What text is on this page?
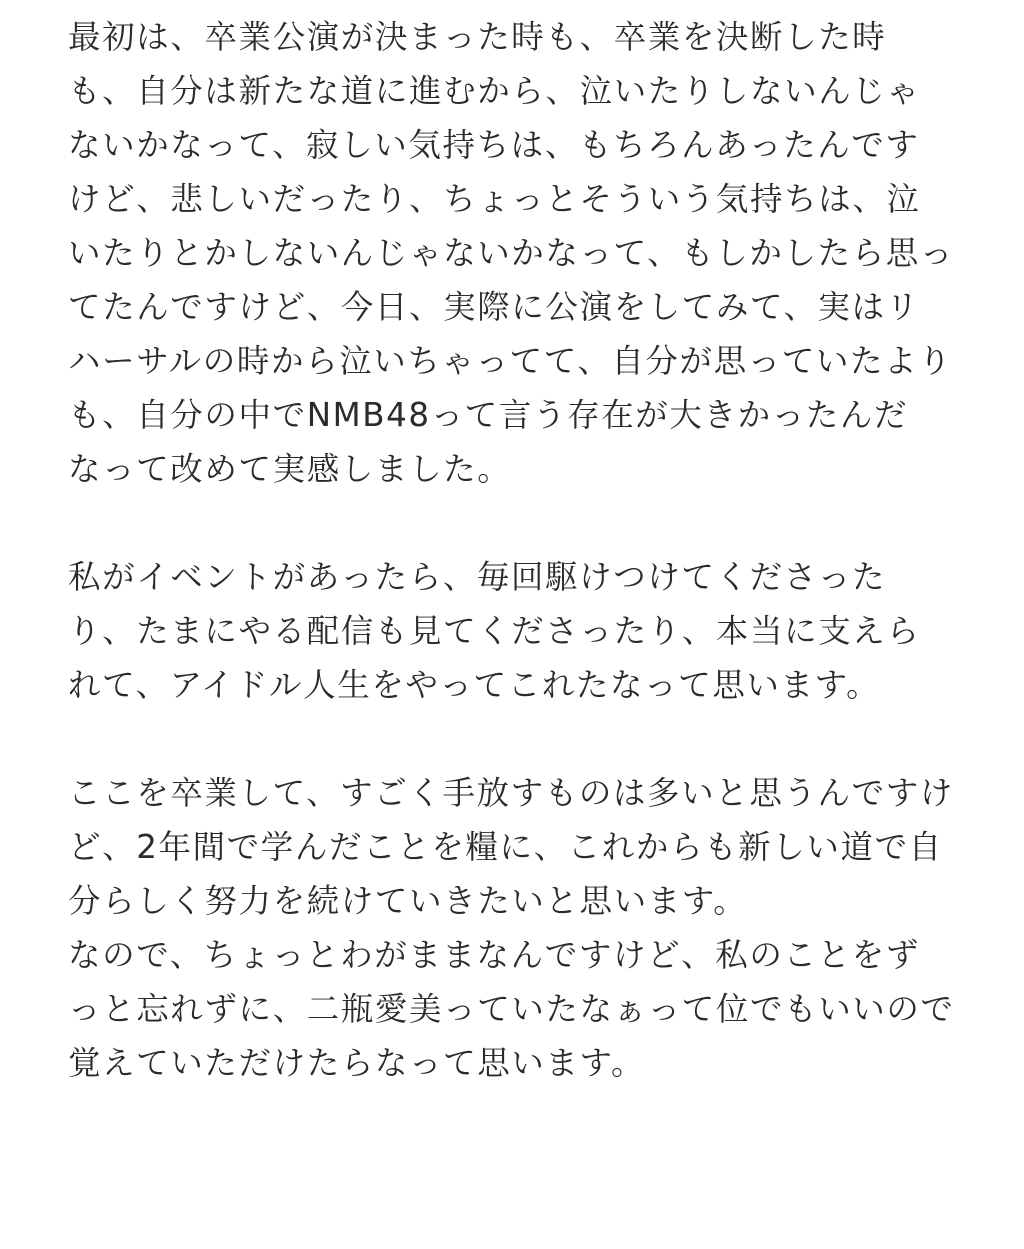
最初は、卒業公演が決まった時も、卒業を決断した時
も、自分は新たな道に進むから、泣いたりしないんじゃ
ないかなって、寂しい気持ちは、もちろんあったんです
けど、悲しいだったり、ちょっとそういう気持ちは、泣
いたりとかしないんじゃないかなって、もしかしたら思っ
てたんですけど、今日、実際に公演をしてみて、実はリ
ハーサルの時から泣いちゃってて、自分が思っていたより
も、自分の中でNMB48って言う存在が大きかったんだ
なって改めて実感しました。
私がイベントがあったら、毎回駆けつけてくださった
り、たまにやる配信も見てくださったり、本当に支えら
れて、アイドル人生をやってこれたなって思います。
ここを卒業して、すごく手放すものは多いと思うんですけ
ど、2年間で学んだことを糧に、これからも新しい道で自
分らしく努力を続けていきたいと思います。
なので、ちょっとわがままなんですけど、私のことをず
っと忘れずに、二瓶愛美っていたなぁって位でもいいので
覚えていただけたらなって思います。
